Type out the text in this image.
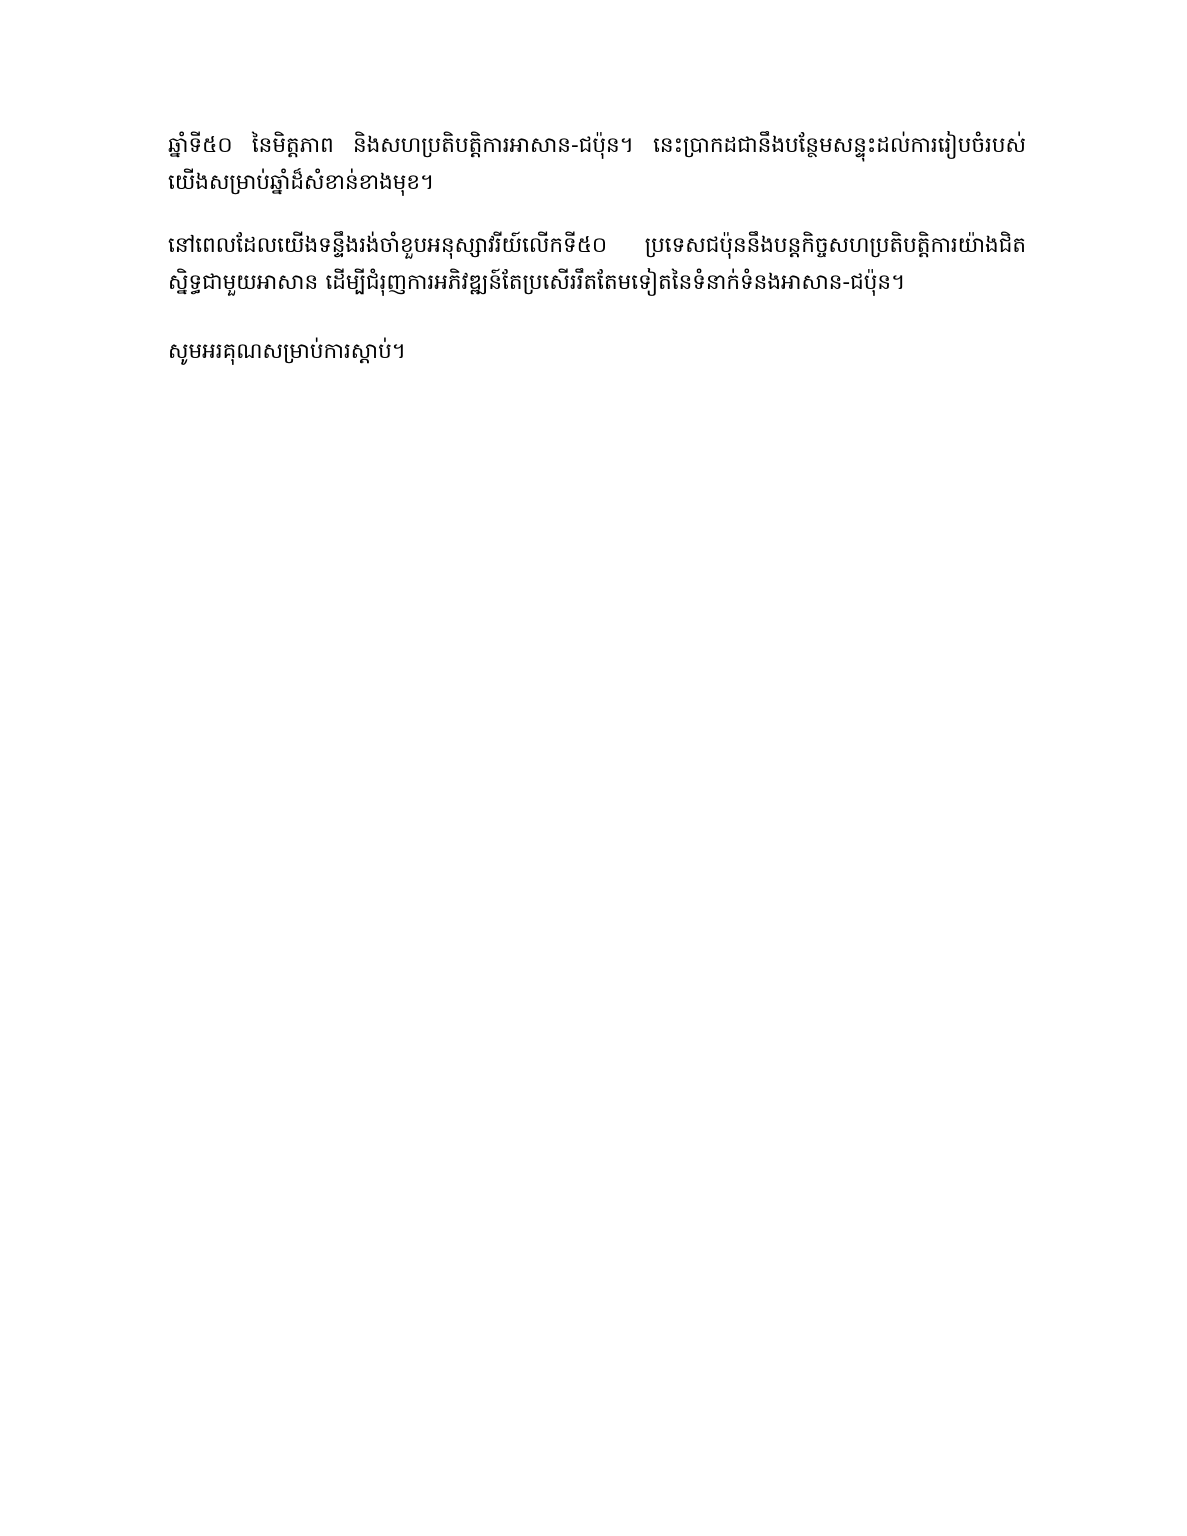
ឆ្នាំទី៥០ នៃមិត្តភាព និងសហប្រតិបត្តិការអាសាន-ជប៉ុន។ នេះប្រាកដជានឹងបន្ថែមសន្ទុះដល់ការរៀបចំរបស់យើងសម្រាប់ឆ្នាំដ៏សំខាន់ខាងមុខ។

នៅពេលដែលយើងទន្ទឹងរង់ចាំខួបអនុស្សាវរីយ៍លើកទី៥០ ប្រទេសជប៉ុននឹងបន្តកិច្ចសហប្រតិបត្តិការយ៉ាងជិតស្និទ្ធជាមួយអាសាន ដើម្បីជំរុញការអភិវឌ្ឍន៍តែប្រសើររឹតតែមទៀតនៃទំនាក់ទំនងអាសាន-ជប៉ុន។

សូមអរគុណសម្រាប់ការស្តាប់។
